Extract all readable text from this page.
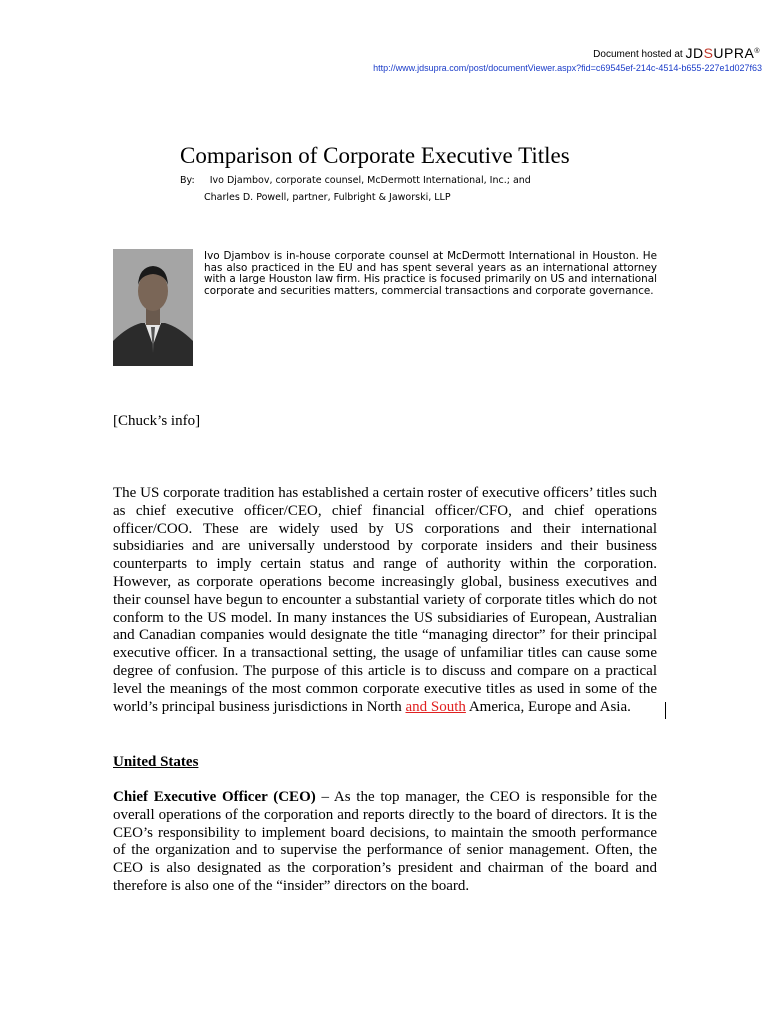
Document hosted at JDSUPRA®
http://www.jdsupra.com/post/documentViewer.aspx?fid=c69545ef-214c-4514-b655-227e1d027f63
Comparison of Corporate Executive Titles
By: Ivo Djambov, corporate counsel, McDermott International, Inc.; and
Charles D. Powell, partner, Fulbright & Jaworski, LLP
Ivo Djambov is in-house corporate counsel at McDermott International in Houston. He has also practiced in the EU and has spent several years as an international attorney with a large Houston law firm. His practice is focused primarily on US and international corporate and securities matters, commercial transactions and corporate governance.
[Chuck’s info]
The US corporate tradition has established a certain roster of executive officers’ titles such as chief executive officer/CEO, chief financial officer/CFO, and chief operations officer/COO. These are widely used by US corporations and their international subsidiaries and are universally understood by corporate insiders and their business counterparts to imply certain status and range of authority within the corporation. However, as corporate operations become increasingly global, business executives and their counsel have begun to encounter a substantial variety of corporate titles which do not conform to the US model. In many instances the US subsidiaries of European, Australian and Canadian companies would designate the title “managing director” for their principal executive officer. In a transactional setting, the usage of unfamiliar titles can cause some degree of confusion. The purpose of this article is to discuss and compare on a practical level the meanings of the most common corporate executive titles as used in some of the world’s principal business jurisdictions in North and South America, Europe and Asia.
United States
Chief Executive Officer (CEO) – As the top manager, the CEO is responsible for the overall operations of the corporation and reports directly to the board of directors. It is the CEO’s responsibility to implement board decisions, to maintain the smooth performance of the organization and to supervise the performance of senior management. Often, the CEO is also designated as the corporation’s president and chairman of the board and therefore is also one of the “insider” directors on the board.
